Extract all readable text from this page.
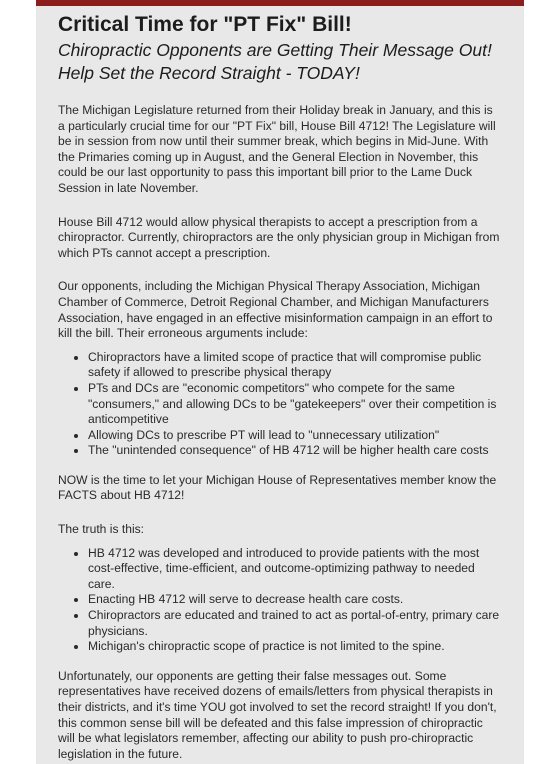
Critical Time for "PT Fix" Bill!
Chiropractic Opponents are Getting Their Message Out! Help Set the Record Straight - TODAY!

The Michigan Legislature returned from their Holiday break in January, and this is a particularly crucial time for our "PT Fix" bill, House Bill 4712! The Legislature will be in session from now until their summer break, which begins in Mid-June. With the Primaries coming up in August, and the General Election in November, this could be our last opportunity to pass this important bill prior to the Lame Duck Session in late November.

House Bill 4712 would allow physical therapists to accept a prescription from a chiropractor. Currently, chiropractors are the only physician group in Michigan from which PTs cannot accept a prescription.

Our opponents, including the Michigan Physical Therapy Association, Michigan Chamber of Commerce, Detroit Regional Chamber, and Michigan Manufacturers Association, have engaged in an effective misinformation campaign in an effort to kill the bill. Their erroneous arguments include:

• Chiropractors have a limited scope of practice that will compromise public safety if allowed to prescribe physical therapy
• PTs and DCs are "economic competitors" who compete for the same "consumers," and allowing DCs to be "gatekeepers" over their competition is anticompetitive
• Allowing DCs to prescribe PT will lead to "unnecessary utilization"
• The "unintended consequence" of HB 4712 will be higher health care costs

NOW is the time to let your Michigan House of Representatives member know the FACTS about HB 4712!

The truth is this:

• HB 4712 was developed and introduced to provide patients with the most cost-effective, time-efficient, and outcome-optimizing pathway to needed care.
• Enacting HB 4712 will serve to decrease health care costs.
• Chiropractors are educated and trained to act as portal-of-entry, primary care physicians.
• Michigan's chiropractic scope of practice is not limited to the spine.

Unfortunately, our opponents are getting their false messages out. Some representatives have received dozens of emails/letters from physical therapists in their districts, and it's time YOU got involved to set the record straight! If you don't, this common sense bill will be defeated and this false impression of chiropractic will be what legislators remember, affecting our ability to push pro-chiropractic legislation in the future.
